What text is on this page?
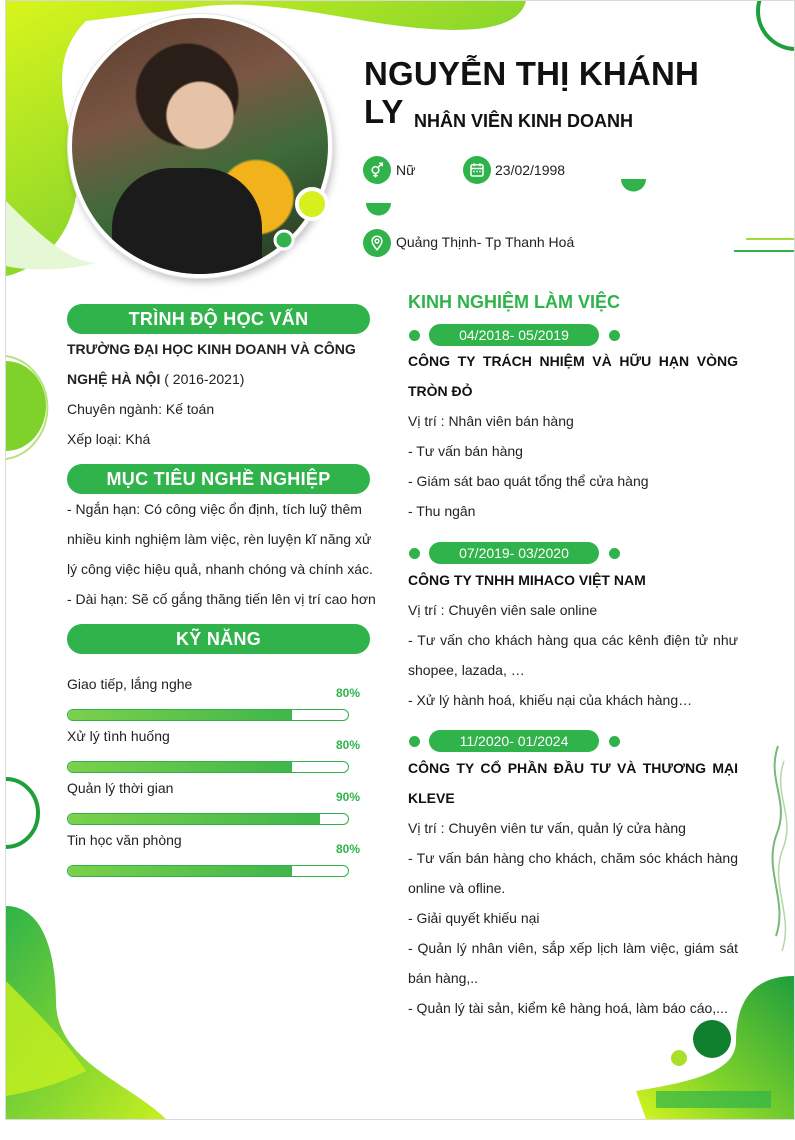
NGUYỄN THỊ KHÁNH LY NHÂN VIÊN KINH DOANH
Nữ	23/02/1998
Quảng Thịnh- Tp Thanh Hoá
TRÌNH ĐỘ HỌC VẤN
TRƯỜNG ĐẠI HỌC KINH DOANH VÀ CÔNG NGHỆ HÀ NỘI ( 2016-2021)
Chuyên ngành: Kế toán
Xếp loại: Khá
MỤC TIÊU NGHỀ NGHIỆP
- Ngắn hạn: Có công việc ổn định, tích luỹ thêm
nhiều kinh nghiệm làm việc, rèn luyện kĩ năng xử
lý công việc hiệu quả, nhanh chóng và chính xác.
- Dài hạn: Sẽ cố gắng thăng tiến lên vị trí cao hơn
KỸ NĂNG
Giao tiếp, lắng nghe
80%
Xử lý tình huống
80%
Quản lý thời gian
90%
Tin học văn phòng
80%
KINH NGHIỆM LÀM VIỆC
04/2018- 05/2019
CÔNG TY TRÁCH NHIỆM VÀ HỮU HẠN VÒNG TRÒN ĐỎ
Vị trí : Nhân viên bán hàng
- Tư vấn bán hàng
- Giám sát bao quát tổng thể cửa hàng
- Thu ngân
07/2019- 03/2020
CÔNG TY TNHH MIHACO VIỆT NAM
Vị trí : Chuyên viên sale online
- Tư vấn cho khách hàng qua các kênh điện tử như shopee, lazada, …
- Xử lý hành hoá, khiếu nại của khách hàng…
11/2020- 01/2024
CÔNG TY CỔ PHẦN ĐẦU TƯ VÀ THƯƠNG MẠI KLEVE
Vị trí : Chuyên viên tư vấn, quản lý cửa hàng
- Tư vấn bán hàng cho khách, chăm sóc khách hàng online và ofline.
- Giải quyết khiếu nại
- Quản lý nhân viên, sắp xếp lịch làm việc, giám sát bán hàng,..
- Quản lý tài sản, kiểm kê hàng hoá, làm báo cáo,...
